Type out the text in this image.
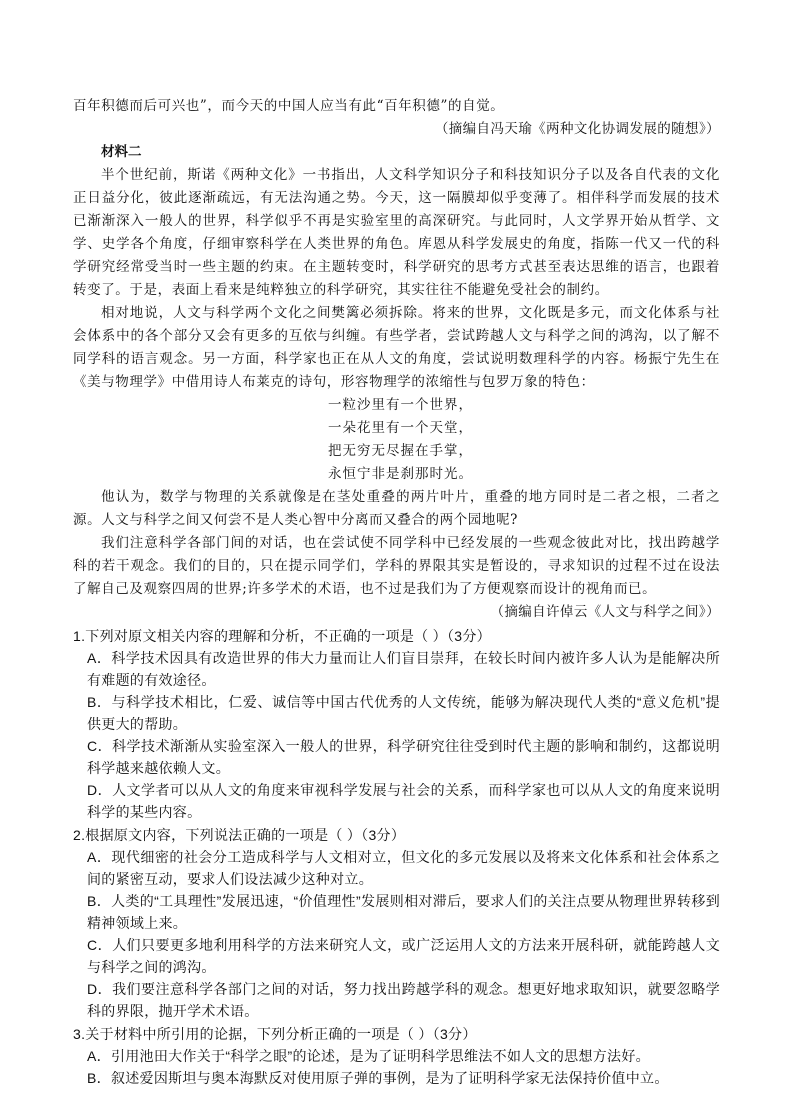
百年积德而后可兴也”，而今天的中国人应当有此“百年积德”的自觉。

（摘编自冯天瑜《两种文化协调发展的随想》）

材料二

半个世纪前，斯诺《两种文化》一书指出，人文科学知识分子和科技知识分子以及各自代表的文化正日益分化，彼此逐渐疏远，有无法沟通之势。今天，这一隔膜却似乎变薄了。相伴科学而发展的技术已渐渐深入一般人的世界，科学似乎不再是实验室里的高深研究。与此同时，人文学界开始从哲学、文学、史学各个角度，仔细审察科学在人类世界的角色。库恩从科学发展史的角度，指陈一代又一代的科学研究经常受当时一些主题的约束。在主题转变时，科学研究的思考方式甚至表达思维的语言，也跟着转变了。于是，表面上看来是纯粹独立的科学研究，其实往往不能避免受社会的制约。

相对地说，人文与科学两个文化之间樊篱必须拆除。将来的世界，文化既是多元，而文化体系与社会体系中的各个部分又会有更多的互依与纠缠。有些学者，尝试跨越人文与科学之间的鸿沟，以了解不同学科的语言观念。另一方面，科学家也正在从人文的角度，尝试说明数理科学的内容。杨振宁先生在《美与物理学》中借用诗人布莱克的诗句，形容物理学的浓缩性与包罗万象的特色：

一粒沙里有一个世界，

一朵花里有一个天堂，

把无穷无尽握在手掌，

永恒宁非是刹那时光。

他认为，数学与物理的关系就像是在茎处重叠的两片叶片，重叠的地方同时是二者之根，二者之源。人文与科学之间又何尝不是人类心智中分离而又叠合的两个园地呢?

我们注意科学各部门间的对话，也在尝试使不同学科中已经发展的一些观念彼此对比，找出跨越学科的若干观念。我们的目的，只在提示同学们，学科的界限其实是暂设的，寻求知识的过程不过在设法了解自己及观察四周的世界;许多学术的术语，也不过是我们为了方便观察而设计的视角而已。

（摘编自许倬云《人文与科学之间》）

1.下列对原文相关内容的理解和分析，不正确的一项是（ ）（3分）

A．科学技术因具有改造世界的伟大力量而让人们盲目崇拜，在较长时间内被许多人认为是能解决所有难题的有效途径。

B．与科学技术相比，仁爱、诚信等中国古代优秀的人文传统，能够为解决现代人类的“意义危机”提供更大的帮助。

C．科学技术渐渐从实验室深入一般人的世界，科学研究往往受到时代主题的影响和制约，这都说明科学越来越依赖人文。

D．人文学者可以从人文的角度来审视科学发展与社会的关系，而科学家也可以从人文的角度来说明科学的某些内容。

2.根据原文内容，下列说法正确的一项是（ ）（3分）

A．现代细密的社会分工造成科学与人文相对立，但文化的多元发展以及将来文化体系和社会体系之间的紧密互动，要求人们设法减少这种对立。

B．人类的“工具理性”发展迅速，“价值理性”发展则相对滞后，要求人们的关注点要从物理世界转移到精神领域上来。

C．人们只要更多地利用科学的方法来研究人文，或广泛运用人文的方法来开展科研，就能跨越人文与科学之间的鸿沟。

D．我们要注意科学各部门之间的对话，努力找出跨越学科的观念。想更好地求取知识，就要忽略学科的界限，抛开学术术语。

3.关于材料中所引用的论据，下列分析正确的一项是（ ）（3分）

A．引用池田大作关于“科学之眼”的论述，是为了证明科学思维法不如人文的思想方法好。

B．叙述爱因斯坦与奥本海默反对使用原子弹的事例，是为了证明科学家无法保持价值中立。
